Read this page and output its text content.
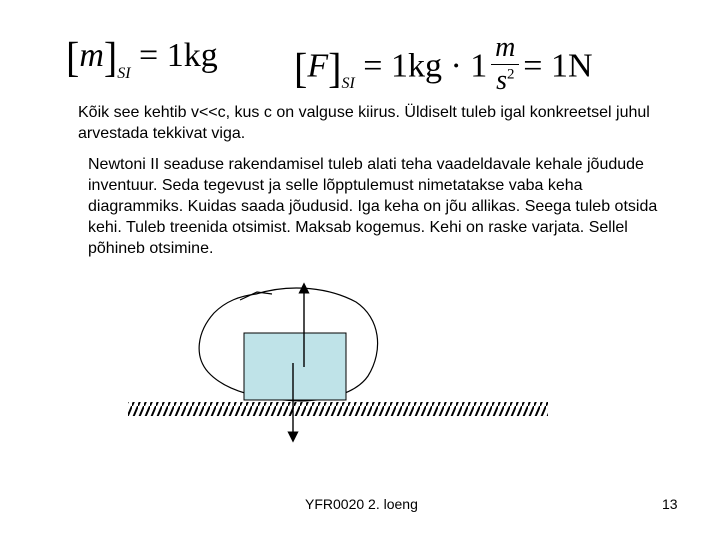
$[m]_{SI} = 1kg$ $[F]_{SI} = 1kg \cdot 1 \frac{m}{s^2} = 1N$
Kõik see kehtib v<<c, kus c on valguse kiirus. Üldiselt tuleb igal konkreetsel juhul arvestada tekkivat viga.
Newtoni II seaduse rakendamisel tuleb alati teha vaadeldavale kehale jõudude inventuur. Seda tegevust ja selle lõpptulemust nimetatakse vaba keha diagrammiks. Kuidas saada jõudusid. Iga keha on jõu allikas. Seega tuleb otsida kehi. Tuleb treenida otsimist. Maksab kogemus. Kehi on raske varjata. Sellel põhineb otsimine.
YFR0020 2. loeng	13
